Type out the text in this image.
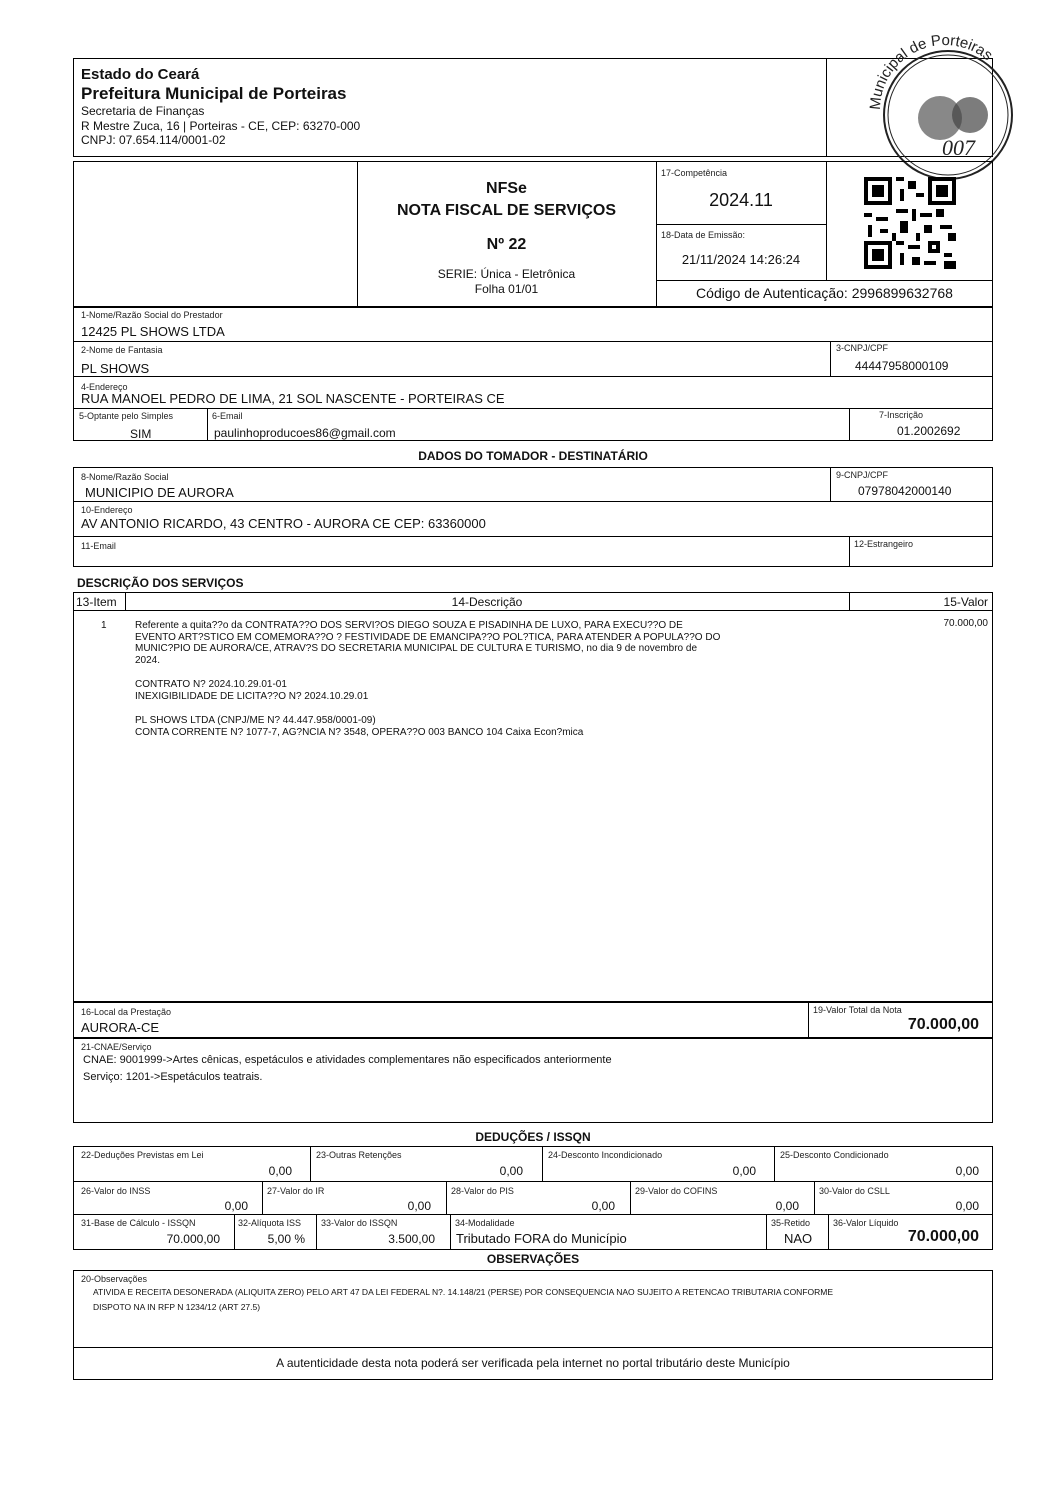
Estado do Ceará
Prefeitura Municipal de Porteiras
Secretaria de Finanças
R Mestre Zuca, 16 | Porteiras - CE, CEP: 63270-000
CNPJ: 07.654.114/0001-02
Municipal de Porteiras
007
NFSe
NOTA FISCAL DE SERVIÇOS
Nº 22
SERIE: Única - Eletrônica
Folha 01/01
17-Competência
2024.11
18-Data de Emissão:
21/11/2024 14:26:24
Código de Autenticação: 2996899632768
1-Nome/Razão Social do Prestador
12425 PL SHOWS LTDA
2-Nome de Fantasia
PL SHOWS
3-CNPJ/CPF
44447958000109
4-Endereço
RUA MANOEL PEDRO DE LIMA, 21 SOL NASCENTE - PORTEIRAS CE
5-Optante pelo Simples
SIM
6-Email
paulinhoproducoes86@gmail.com
7-Inscrição
01.2002692
DADOS DO TOMADOR - DESTINATÁRIO
8-Nome/Razão Social
MUNICIPIO DE AURORA
9-CNPJ/CPF
07978042000140
10-Endereço
AV ANTONIO RICARDO, 43 CENTRO - AURORA CE CEP: 63360000
11-Email	12-Estrangeiro
DESCRIÇÃO DOS SERVIÇOS
13-Item	14-Descrição	15-Valor
1	Referente a quita??o da CONTRATA??O DOS SERVI?OS DIEGO SOUZA E PISADINHA DE LUXO, PARA EXECU??O DE
EVENTO ART?STICO EM COMEMORA??O ? FESTIVIDADE DE EMANCIPA??O POL?TICA, PARA ATENDER A POPULA??O DO
MUNIC?PIO DE AURORA/CE, ATRAV?S DO SECRETARIA MUNICIPAL DE CULTURA E TURISMO, no dia 9 de novembro de
2024.
CONTRATO N? 2024.10.29.01-01
INEXIGIBILIDADE DE LICITA??O N? 2024.10.29.01
PL SHOWS LTDA (CNPJ/ME N? 44.447.958/0001-09)
CONTA CORRENTE N? 1077-7, AG?NCIA N? 3548, OPERA??O 003 BANCO 104 Caixa Econ?mica
70.000,00
16-Local da Prestação
AURORA-CE
19-Valor Total da Nota
70.000,00
21-CNAE/Serviço
CNAE: 9001999->Artes cênicas, espetáculos e atividades complementares não especificados anteriormente
Serviço: 1201->Espetáculos teatrais.
DEDUÇÕES / ISSQN
22-Deduções Previstas em Lei
0,00
23-Outras Retenções
0,00
24-Desconto Incondicionado
0,00
25-Desconto Condicionado
0,00
26-Valor do INSS
0,00
27-Valor do IR
0,00
28-Valor do PIS
0,00
29-Valor do COFINS
0,00
30-Valor do CSLL
0,00
31-Base de Cálculo - ISSQN
70.000,00
32-Alíquota ISS
5,00 %
33-Valor do ISSQN
3.500,00
34-Modalidade
Tributado FORA do Município
35-Retido
NAO
36-Valor Líquido
70.000,00
OBSERVAÇÕES
20-Observações
ATIVIDA E RECEITA DESONERADA (ALIQUITA ZERO) PELO ART 47 DA LEI FEDERAL N?. 14.148/21 (PERSE) POR CONSEQUENCIA NAO SUJEITO A RETENCAO TRIBUTARIA CONFORME
DISPOTO NA IN RFP N 1234/12 (ART 27.5)
A autenticidade desta nota poderá ser verificada pela internet no portal tributário deste Município
